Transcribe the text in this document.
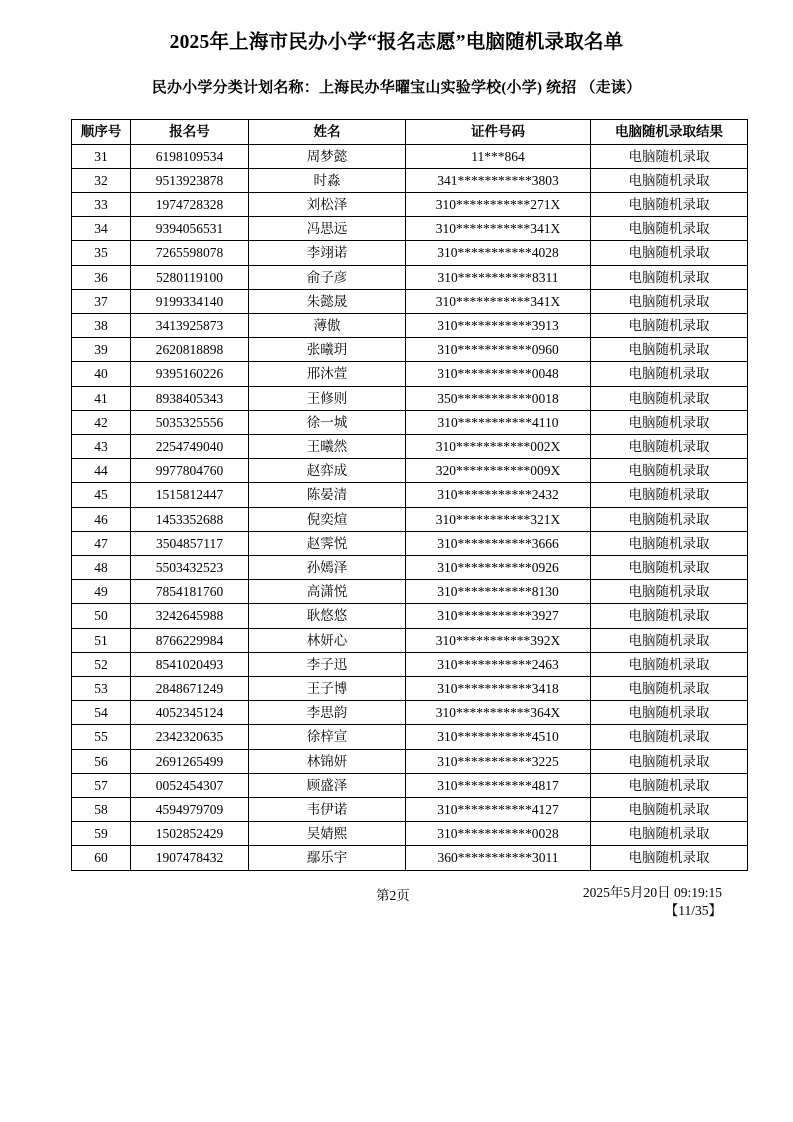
2025年上海市民办小学“报名志愿”电脑随机录取名单
民办小学分类计划名称：上海民办华曜宝山实验学校(小学) 统招 （走读）
顺序号	报名号	姓名	证件号码	电脑随机录取结果
31	6198109534	周梦懿	11***864	电脑随机录取
32	9513923878	时淼	341***********3803	电脑随机录取
33	1974728328	刘松泽	310***********271X	电脑随机录取
34	9394056531	冯思远	310***********341X	电脑随机录取
35	7265598078	李翊诺	310***********4028	电脑随机录取
36	5280119100	俞子彦	310***********8311	电脑随机录取
37	9199334140	朱懿晟	310***********341X	电脑随机录取
38	3413925873	薄傲	310***********3913	电脑随机录取
39	2620818898	张曦玥	310***********0960	电脑随机录取
40	9395160226	邢沐萱	310***********0048	电脑随机录取
41	8938405343	王修则	350***********0018	电脑随机录取
42	5035325556	徐一城	310***********4110	电脑随机录取
43	2254749040	王曦然	310***********002X	电脑随机录取
44	9977804760	赵弈成	320***********009X	电脑随机录取
45	1515812447	陈晏清	310***********2432	电脑随机录取
46	1453352688	倪奕煊	310***********321X	电脑随机录取
47	3504857117	赵霁悦	310***********3666	电脑随机录取
48	5503432523	孙嫣泽	310***********0926	电脑随机录取
49	7854181760	高潇悦	310***********8130	电脑随机录取
50	3242645988	耿悠悠	310***********3927	电脑随机录取
51	8766229984	林妍心	310***********392X	电脑随机录取
52	8541020493	李子迅	310***********2463	电脑随机录取
53	2848671249	王子博	310***********3418	电脑随机录取
54	4052345124	李思韵	310***********364X	电脑随机录取
55	2342320635	徐梓宣	310***********4510	电脑随机录取
56	2691265499	林锦妍	310***********3225	电脑随机录取
57	0052454307	顾盛泽	310***********4817	电脑随机录取
58	4594979709	韦伊诺	310***********4127	电脑随机录取
59	1502852429	吴婧熙	310***********0028	电脑随机录取
60	1907478432	鄢乐宇	360***********3011	电脑随机录取
第2页	2025年5月20日 09:19:15
【11/35】
